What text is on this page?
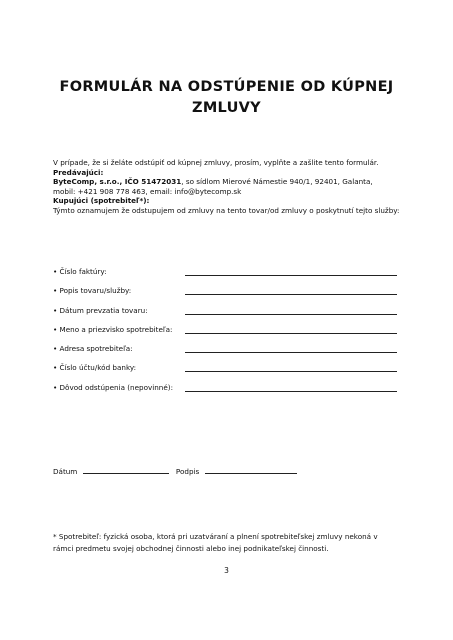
FORMULÁR NA ODSTÚPENIE OD KÚPNEJ
ZMLUVY
V prípade, že si želáte odstúpiť od kúpnej zmluvy, prosím, vyplňte a zašlite tento formulár.
Predávajúci:
ByteComp, s.r.o., IČO 51472031, so sídlom Mierové Námestie 940/1, 92401, Galanta,
mobil: +421 908 778 463, email: info@bytecomp.sk
Kupujúci (spotrebiteľ*):
Týmto oznamujem že odstupujem od zmluvy na tento tovar/od zmluvy o poskytnutí tejto služby:
• Číslo faktúry:
• Popis tovaru/služby:
• Dátum prevzatia tovaru:
• Meno a priezvisko spotrebiteľa:
• Adresa spotrebiteľa:
• Číslo účtu/kód banky:
• Dôvod odstúpenia (nepovinné):
Dátum	Podpis
* Spotrebiteľ: fyzická osoba, ktorá pri uzatváraní a plnení spotrebiteľskej zmluvy nekoná v
rámci predmetu svojej obchodnej činnosti alebo inej podnikateľskej činnosti.
3
